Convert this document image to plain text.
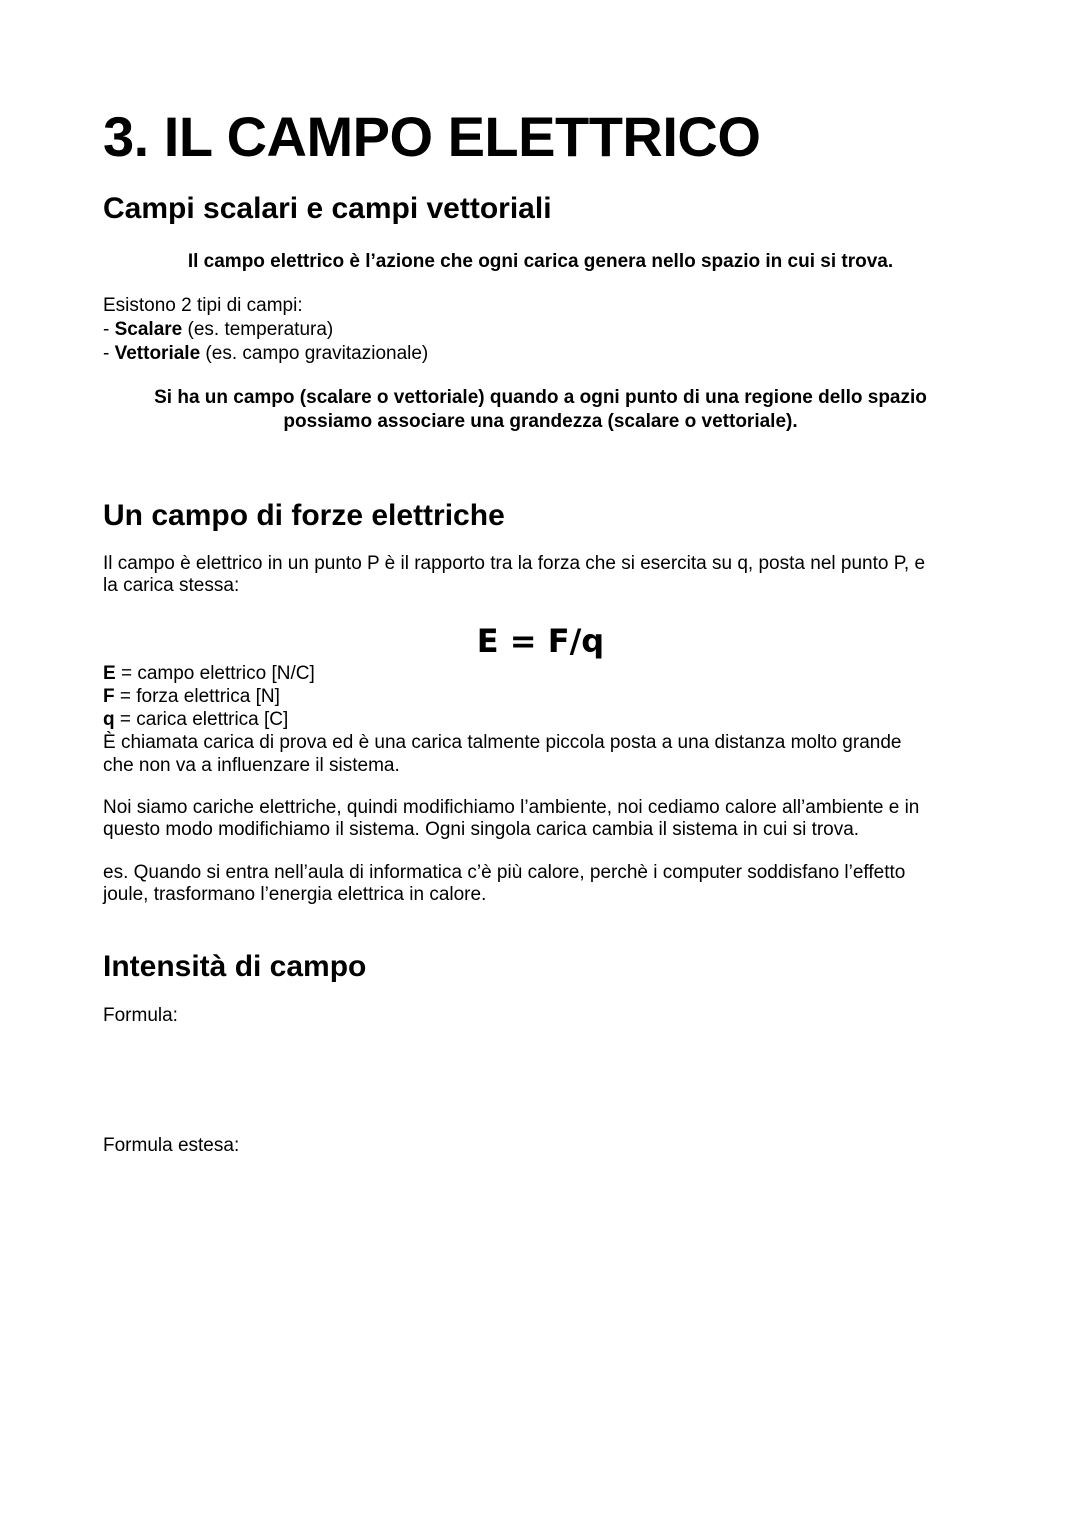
3. IL CAMPO ELETTRICO
Campi scalari e campi vettoriali

Il campo elettrico è l’azione che ogni carica genera nello spazio in cui si trova.

Esistono 2 tipi di campi:
- Scalare (es. temperatura)
- Vettoriale (es. campo gravitazionale)
Si ha un campo (scalare o vettoriale) quando a ogni punto di una regione dello spazio
possiamo associare una grandezza (scalare o vettoriale).
Un campo di forze elettriche
Il campo è elettrico in un punto P è il rapporto tra la forza che si esercita su q, posta nel punto P, e
la carica stessa:

E = F/q

E = campo elettrico [N/C]
F = forza elettrica [N]
q = carica elettrica [C]
È chiamata carica di prova ed è una carica talmente piccola posta a una distanza molto grande
che non va a influenzare il sistema.
Noi siamo cariche elettriche, quindi modifichiamo l’ambiente, noi cediamo calore all’ambiente e in
questo modo modifichiamo il sistema. Ogni singola carica cambia il sistema in cui si trova.
es. Quando si entra nell’aula di informatica c’è più calore, perchè i computer soddisfano l’effetto
joule, trasformano l’energia elettrica in calore.
Intensità di campo

Formula:

Formula estesa:
